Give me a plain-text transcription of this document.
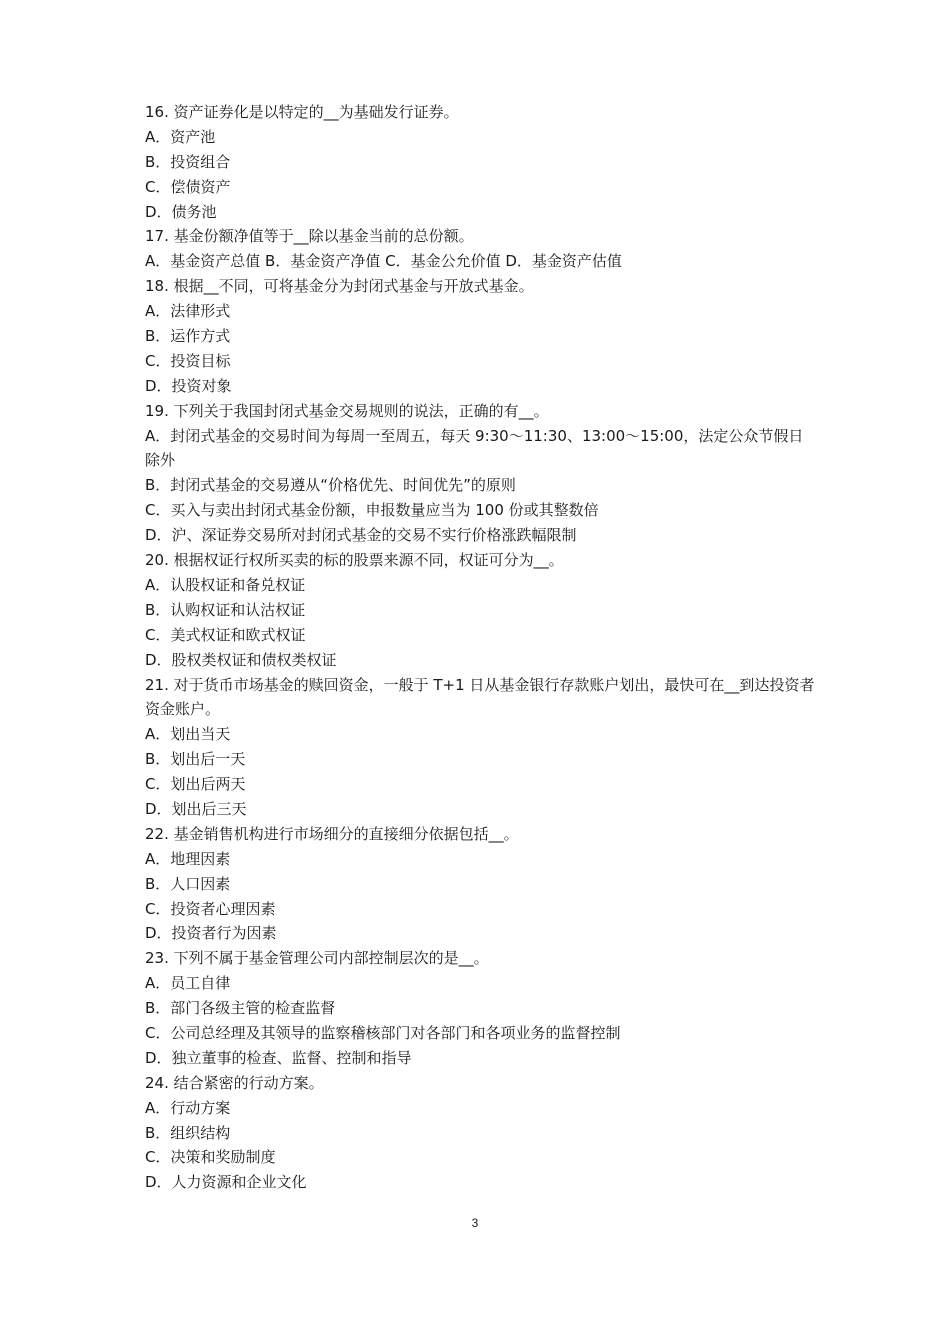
16. 资产证券化是以特定的__为基础发行证券。
A．资产池
B．投资组合
C．偿债资产
D．债务池
17. 基金份额净值等于__除以基金当前的总份额。
A．基金资产总值 B．基金资产净值 C．基金公允价值 D．基金资产估值
18. 根据__不同，可将基金分为封闭式基金与开放式基金。
A．法律形式
B．运作方式
C．投资目标
D．投资对象
19. 下列关于我国封闭式基金交易规则的说法，正确的有__。
A．封闭式基金的交易时间为每周一至周五，每天 9:30～11:30、13:00～15:00，法定公众节假日除外
B．封闭式基金的交易遵从“价格优先、时间优先”的原则
C．买入与卖出封闭式基金份额，申报数量应当为 100 份或其整数倍
D．沪、深证券交易所对封闭式基金的交易不实行价格涨跌幅限制
20. 根据权证行权所买卖的标的股票来源不同，权证可分为__。
A．认股权证和备兑权证
B．认购权证和认沽权证
C．美式权证和欧式权证
D．股权类权证和债权类权证
21. 对于货币市场基金的赎回资金，一般于 T+1 日从基金银行存款账户划出，最快可在__到达投资者资金账户。
A．划出当天
B．划出后一天
C．划出后两天
D．划出后三天
22. 基金销售机构进行市场细分的直接细分依据包括__。
A．地理因素
B．人口因素
C．投资者心理因素
D．投资者行为因素
23. 下列不属于基金管理公司内部控制层次的是__。
A．员工自律
B．部门各级主管的检查监督
C．公司总经理及其领导的监察稽核部门对各部门和各项业务的监督控制
D．独立董事的检查、监督、控制和指导
24. 结合紧密的行动方案。
A．行动方案
B．组织结构
C．决策和奖励制度
D．人力资源和企业文化
3
